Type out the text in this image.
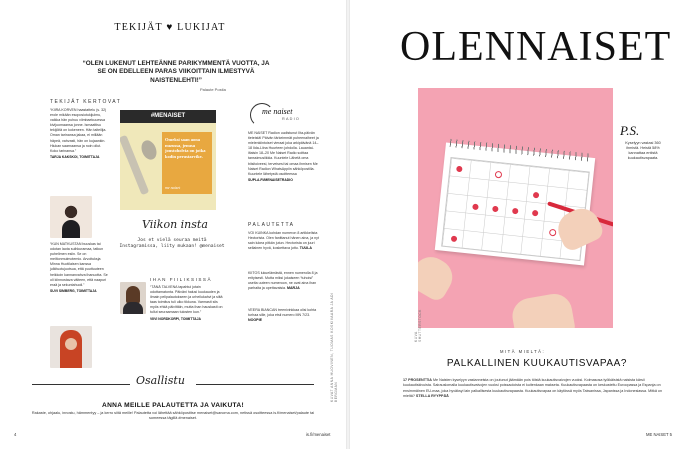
TEKIJÄT ♥ LUKIJAT
“OLEN LUKENUT LEHTEÄNNE PARIKYMMENTÄ VUOTTA, JA SE ON EDELLEEN PARAS VIIKOITTAIN ILMESTYVÄ NAISTENLEHTI!”
Palaute Postia
TEKIJÄT KERTOVAT
“KIIRA KORVEN haastattelu (s. 32) erole mikään esoposiotukijulmu, vaikka hän puhuu viimbaekuuessa kivijuomaansa jonne. Ismaattisu tekijöitä on kokeneen. Hän taiteilija. Oman tarinansa jakaa, ei millään häpeä, vahvasti, hän on kujaankin. Hiukan saarnaansa ja noin ollut. Koko tarinansa.”
TARJA KAKSKOI, TOIMITTAJA
“KUN MATKUSTAN buuskas tai odotan laota suihkuramaa, tatkun puhelimen esiin. Se on meiltonmulmotemio. Arvoituksja Minna Huotilaisen kanssa julkituotujuotsua, että puuttuuteen heikkoin kannanvahva ihanuotta. Se oli kiinnostava väiteen, että naapuri eraä ja sekuntahuoli.”
SUVI SIMBERG, TOIMITTAJA
#MENAISET
Omeksi saan aona nuzussa, jenusa joustoholvia on jotka kodin perustarvike.
me naiset
Viikon insta
Jos et vielä seuraa meitä Instagramissa, liity mukaan! @menaiset
IHAN FIILIKSISSÄ
“TÄNÄ TALVENA tapahtui jotain odottamatonta. Päiväni halusi kuukauden ja ilmain pelipalautokseen ja urheilukahvi ja siitä taas toimitus tuli ulko tikkuna. Varmasti siis myös ehkä päivittäin, mutta ihan hauskasti on tullut seuraamaan tulosten kun.”
VIIVI NORDKORPI, TOIMITTAJA
me naiset
RADIO
ME NAISET Radion uudistunut Ilta-päivän tieteistä! Päivän tärkeimmät puheenaiheet ja mielenkiintoiset vieraat joka arkipäivänä 14–18 Iida-Liina Huurteen johdolla. Lauantai-iltaisin 18–20 Me Naiset Radio soittaa tanssimusiikkia. Kuuntele Lähetä oma biisitoiveesi, terveisesi tai omaa ihmisen Me Naiset Radion WhatsAppiin sähköpostilla. Kuuntele lähetystä osoitteessa
SUPLA.FI/MENAISETRADIO
PALAUTETTA
VOI KUINKA kohdan numeron 8 artikkelista Hectorista. Olen fanittanut hänen aina, ja nyt sain lukea pitkän jutun. Hectorista on juuri sellainen hyvä, koskettava juttu. TUULA
KIITOS lukuelämästä, ennen numerolla 8 ja erityisesti. Mutta miksi jokaiseen “tuhoisi” useita uuteen numeroon, ne ovat aina ihan parhaita ja opettavaisia. MARJA
VEERA BIANCAN treenivinkkaa olisi kohta turhaa sille, joka etsii numero MN 7/23. NOOPIE	KUVAT ANNA HUOVINEN, TUOMAS KOSKIVAARA JA ADI BERGMAN
Osallistu
ANNA MEILLE PALAUTETTA JA VAIKUTA!
Rakaste, ohjaalu, innostu, hämmentyy – ja kerro siitä meille! Palautetta voi lähettää sähköpostitse menaiset@sanoma.com, netissä osoitteessa is.fi/menaiset/palaute tai someessa tägillä #menaiset.
4	is.fi/menaiset
OLENNAISET
KUVA SHUTTERSTOCK
P.S.
Kyselyyn vastasi 360 ihmistä. Heistä 58% kannattaa entistä kuukautisvapaata.
MITÄ MIELTÄ:
PALKALLINEN KUUKAUTISVAPAA?
17 PROSENTTIA Me Naisten kyselyyn vastanneista on joutunut jäämään pois töistä kuukautisvaivojen vuoksi. Kolmasosa työikäisistä naisista kärsii kuukautiskivuista. Sairauslomalla kuukautisvaivojen vuoksi poissaoloista ei kuitenkaan makseta. Kuukautisvapaasta on keskusteltu Euroopassa ja Espanja on ensimmäinen EU-maa, joka hyväksyi lain palkallisesta kuukautisvapaasta. Kuukautisvapaa on käytössä myös Taiwanissa, Japanissa ja Indonesiassa. Mitkä on mieltä? STELLA RYYPPÄÄ
ME NAISET 5
